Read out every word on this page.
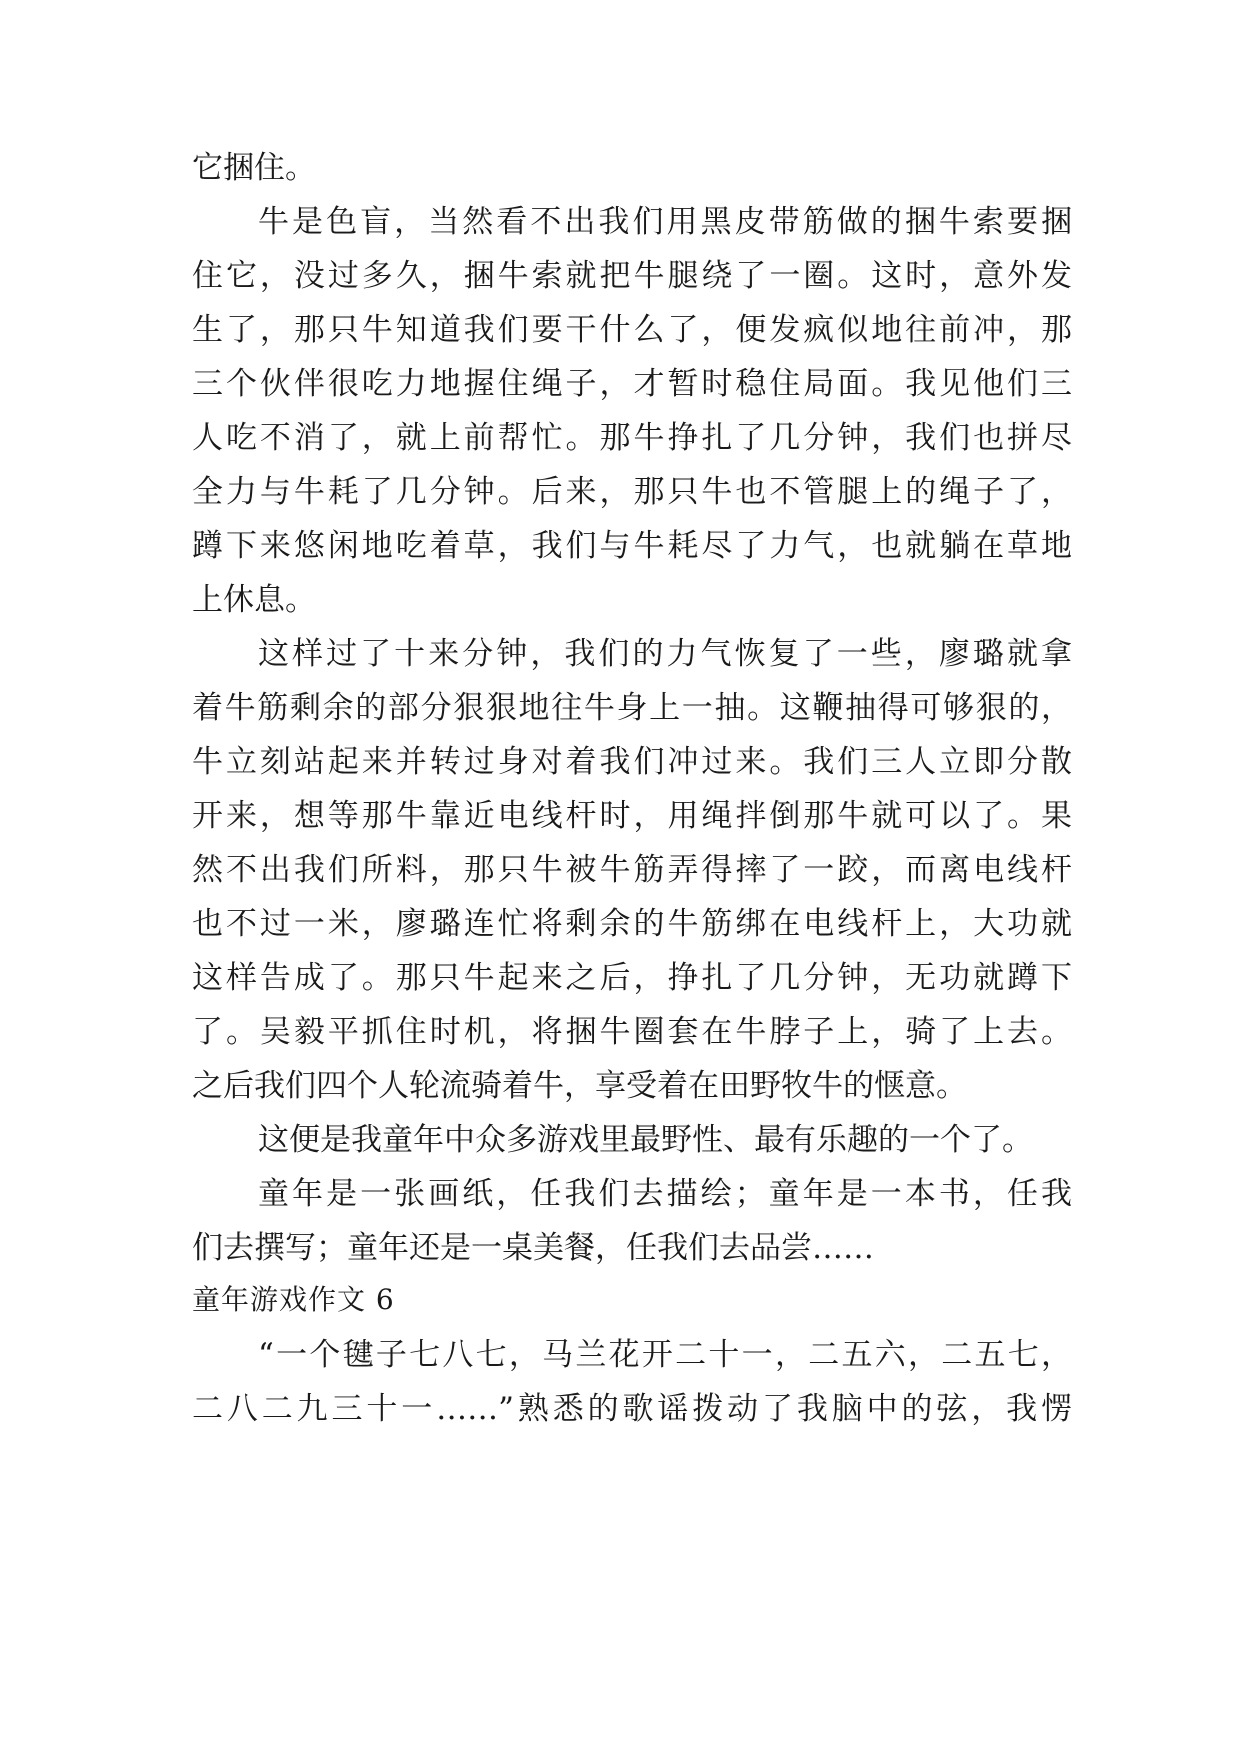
它捆住。

牛是色盲，当然看不出我们用黑皮带筋做的捆牛索要捆

住它，没过多久，捆牛索就把牛腿绕了一圈。这时，意外发

生了，那只牛知道我们要干什么了，便发疯似地往前冲，那

三个伙伴很吃力地握住绳子，才暂时稳住局面。我见他们三

人吃不消了，就上前帮忙。那牛挣扎了几分钟，我们也拼尽

全力与牛耗了几分钟。后来，那只牛也不管腿上的绳子了，

蹲下来悠闲地吃着草，我们与牛耗尽了力气，也就躺在草地

上休息。

这样过了十来分钟，我们的力气恢复了一些，廖璐就拿

着牛筋剩余的部分狠狠地往牛身上一抽。这鞭抽得可够狠的，

牛立刻站起来并转过身对着我们冲过来。我们三人立即分散

开来，想等那牛靠近电线杆时，用绳拌倒那牛就可以了。果

然不出我们所料，那只牛被牛筋弄得摔了一跤，而离电线杆

也不过一米，廖璐连忙将剩余的牛筋绑在电线杆上，大功就

这样告成了。那只牛起来之后，挣扎了几分钟，无功就蹲下

了。吴毅平抓住时机，将捆牛圈套在牛脖子上，骑了上去。

之后我们四个人轮流骑着牛，享受着在田野牧牛的惬意。

这便是我童年中众多游戏里最野性、最有乐趣的一个了。

童年是一张画纸，任我们去描绘；童年是一本书，任我

们去撰写；童年还是一桌美餐，任我们去品尝……

童年游戏作文 6

“一个毽子七八七，马兰花开二十一，二五六，二五七，

二八二九三十一……”熟悉的歌谣拨动了我脑中的弦，我愣
